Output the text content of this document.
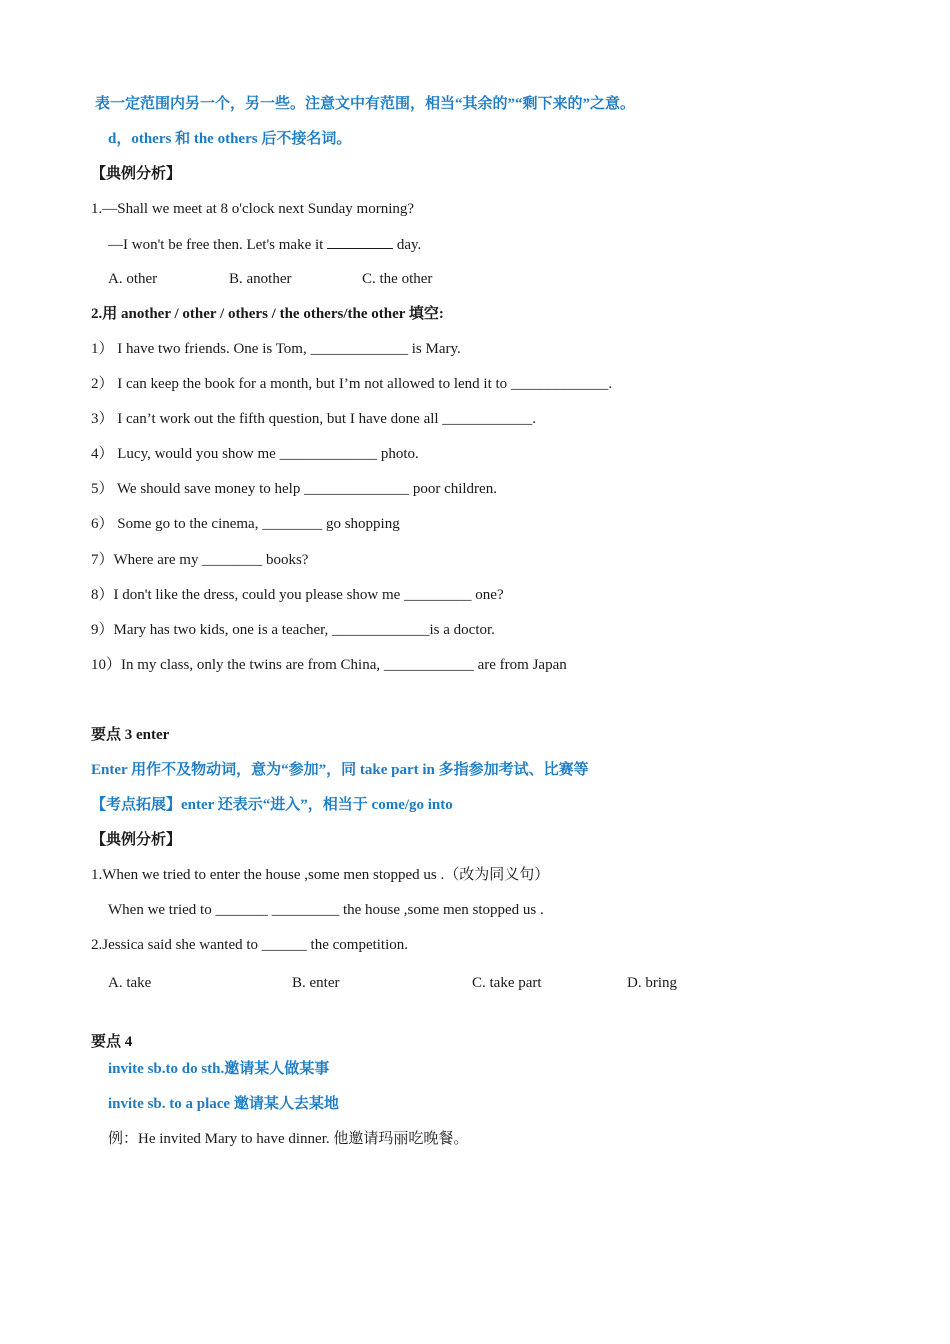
表一定范围内另一个，另一些。注意文中有范围，相当“其余的”“剩下来的”之意。
d，others 和 the others 后不接名词。
【典例分析】
1.—Shall we meet at 8 o'clock next Sunday morning?
—I won't be free then. Let's make it	day.
A. other	B. another	C. the other
2.用 another / other / others / the others/the other 填空:
1） I have two friends. One is Tom, _____________ is Mary.
2） I can keep the book for a month, but I’m not allowed to lend it to _____________.
3） I can’t work out the fifth question, but I have done all ____________.
4） Lucy, would you show me _____________ photo.
5） We should save money to help ______________ poor children.
6） Some go to the cinema, ________ go shopping
7）Where are my ________ books?
8）I don't like the dress, could you please show me _________ one?
9）Mary has two kids, one is a teacher, _____________is a doctor.
10）In my class, only the twins are from China, ____________ are from Japan
要点 3 enter
Enter 用作不及物动词，意为“参加”，同 take part in 多指参加考试、比赛等
【考点拓展】enter 还表示“进入”，相当于 come/go into
【典例分析】
1.When we tried to enter the house ,some men stopped us .（改为同义句）
When we tried to _______ _________ the house ,some men stopped us .
2.Jessica said she wanted to ______ the competition.
A. take	B. enter	C. take part	D. bring
要点 4
invite sb.to do sth.邀请某人做某事
invite sb. to a place 邀请某人去某地
例：He invited Mary to have dinner. 他邀请玛丽吃晚餐。
